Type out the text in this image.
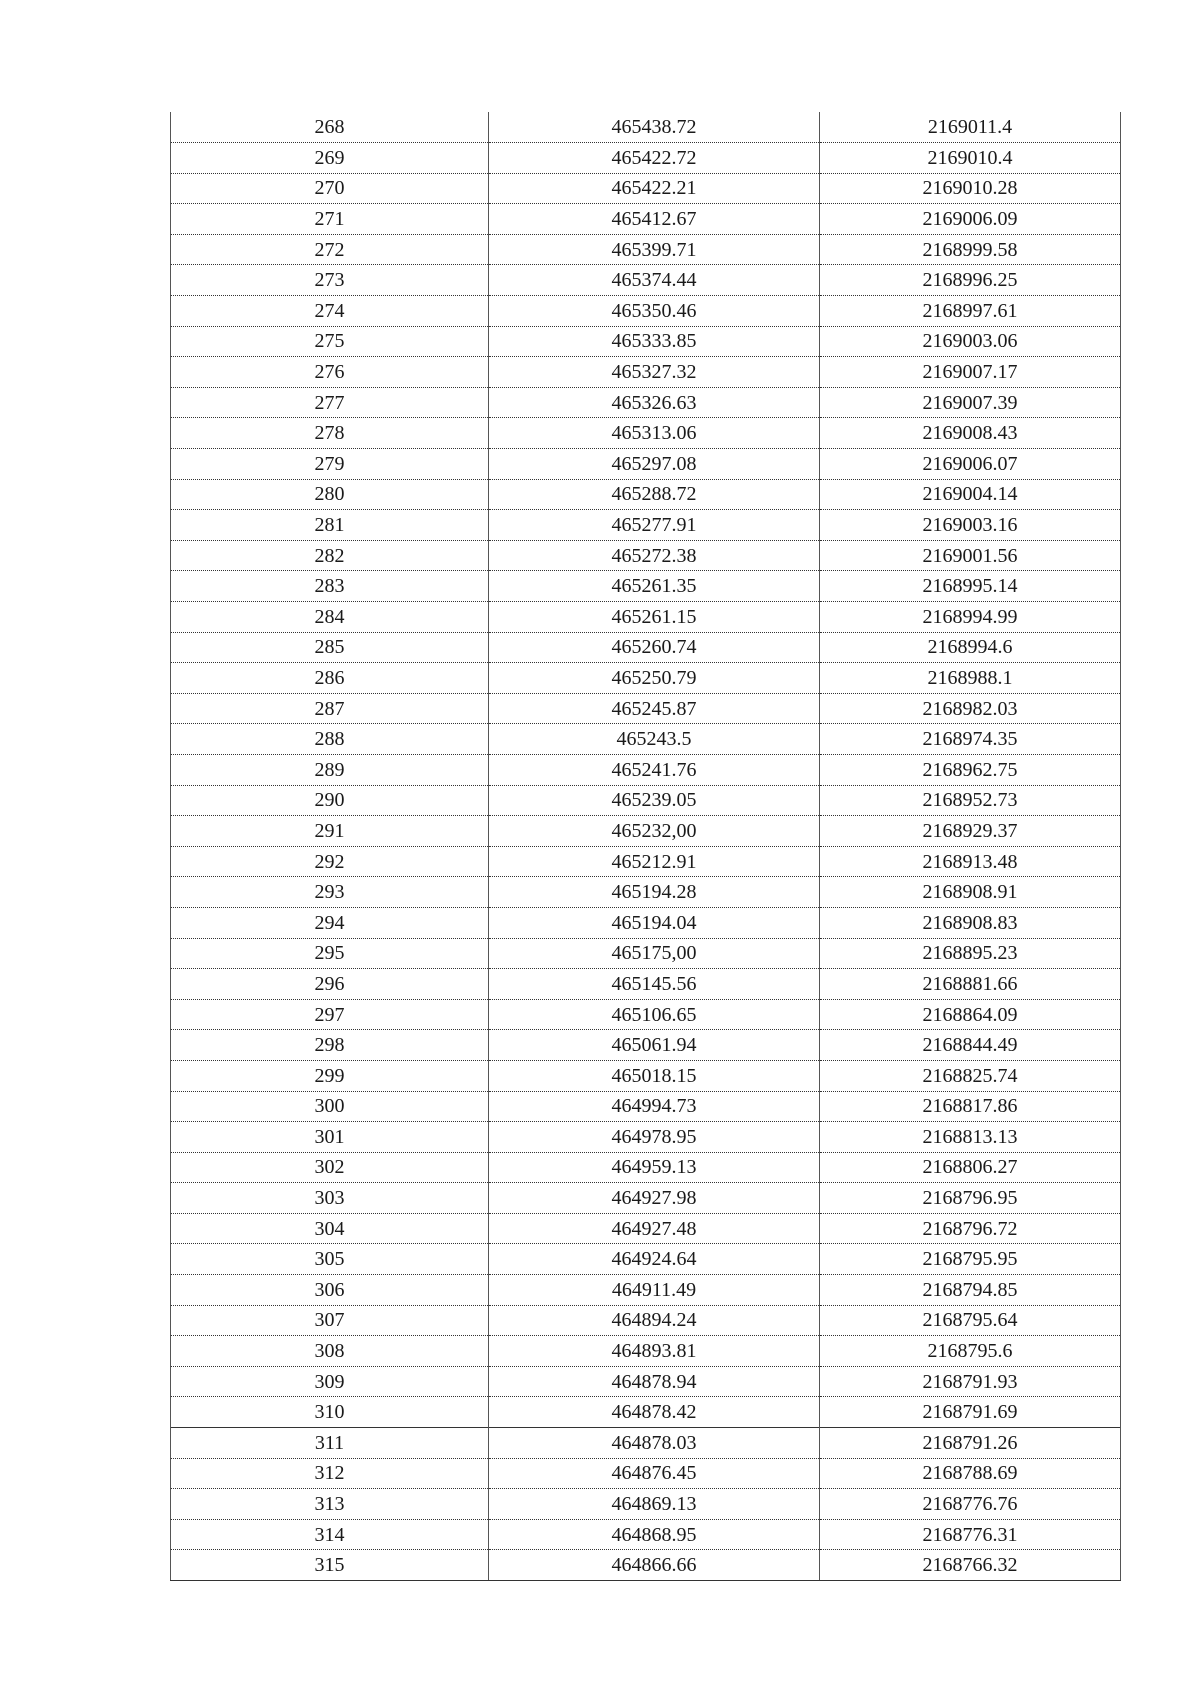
268	465438.72	2169011.4
269	465422.72	2169010.4
270	465422.21	2169010.28
271	465412.67	2169006.09
272	465399.71	2168999.58
273	465374.44	2168996.25
274	465350.46	2168997.61
275	465333.85	2169003.06
276	465327.32	2169007.17
277	465326.63	2169007.39
278	465313.06	2169008.43
279	465297.08	2169006.07
280	465288.72	2169004.14
281	465277.91	2169003.16
282	465272.38	2169001.56
283	465261.35	2168995.14
284	465261.15	2168994.99
285	465260.74	2168994.6
286	465250.79	2168988.1
287	465245.87	2168982.03
288	465243.5	2168974.35
289	465241.76	2168962.75
290	465239.05	2168952.73
291	465232,00	2168929.37
292	465212.91	2168913.48
293	465194.28	2168908.91
294	465194.04	2168908.83
295	465175,00	2168895.23
296	465145.56	2168881.66
297	465106.65	2168864.09
298	465061.94	2168844.49
299	465018.15	2168825.74
300	464994.73	2168817.86
301	464978.95	2168813.13
302	464959.13	2168806.27
303	464927.98	2168796.95
304	464927.48	2168796.72
305	464924.64	2168795.95
306	464911.49	2168794.85
307	464894.24	2168795.64
308	464893.81	2168795.6
309	464878.94	2168791.93
310	464878.42	2168791.69
311	464878.03	2168791.26
312	464876.45	2168788.69
313	464869.13	2168776.76
314	464868.95	2168776.31
315	464866.66	2168766.32
